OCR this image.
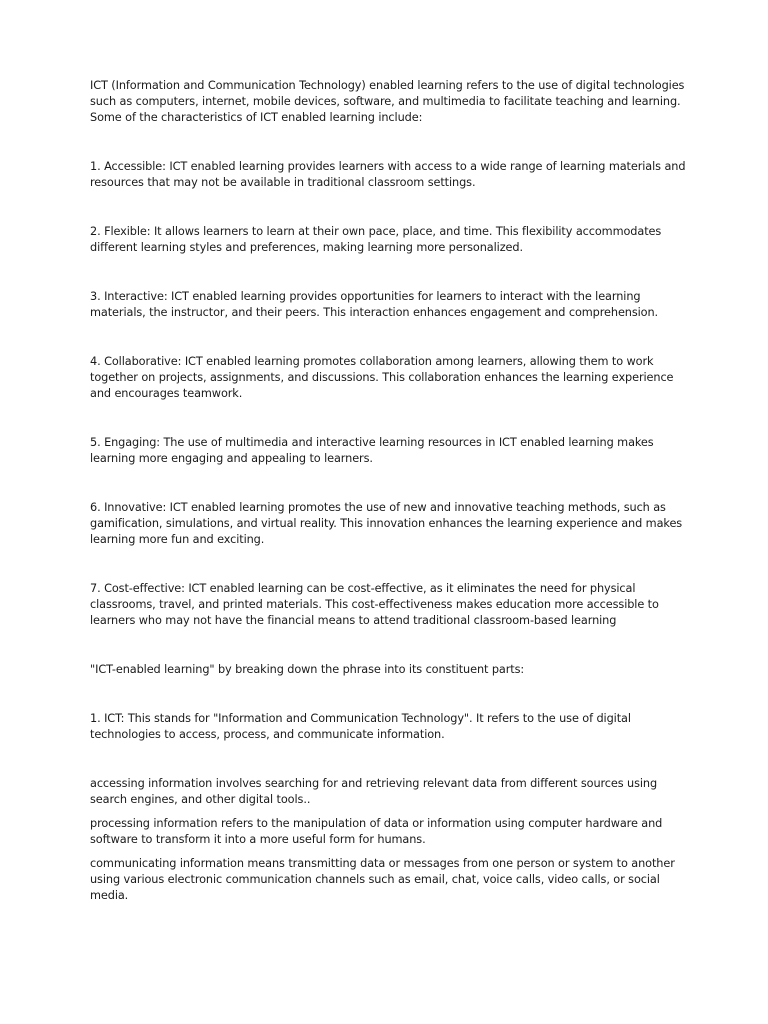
ICT (Information and Communication Technology) enabled learning refers to the use of digital technologies such as computers, internet, mobile devices, software, and multimedia to facilitate teaching and learning. Some of the characteristics of ICT enabled learning include:

1. Accessible: ICT enabled learning provides learners with access to a wide range of learning materials and resources that may not be available in traditional classroom settings.

2. Flexible: It allows learners to learn at their own pace, place, and time. This flexibility accommodates different learning styles and preferences, making learning more personalized.

3. Interactive: ICT enabled learning provides opportunities for learners to interact with the learning materials, the instructor, and their peers. This interaction enhances engagement and comprehension.

4. Collaborative: ICT enabled learning promotes collaboration among learners, allowing them to work together on projects, assignments, and discussions. This collaboration enhances the learning experience and encourages teamwork.

5. Engaging: The use of multimedia and interactive learning resources in ICT enabled learning makes learning more engaging and appealing to learners.

6. Innovative: ICT enabled learning promotes the use of new and innovative teaching methods, such as gamification, simulations, and virtual reality. This innovation enhances the learning experience and makes learning more fun and exciting.

7. Cost-effective: ICT enabled learning can be cost-effective, as it eliminates the need for physical classrooms, travel, and printed materials. This cost-effectiveness makes education more accessible to learners who may not have the financial means to attend traditional classroom-based learning

"ICT-enabled learning" by breaking down the phrase into its constituent parts:

1. ICT: This stands for "Information and Communication Technology". It refers to the use of digital technologies to access, process, and communicate information.

accessing information involves searching for and retrieving relevant data from different sources using search engines, and other digital tools..

processing information refers to the manipulation of data or information using computer hardware and software to transform it into a more useful form for humans.

communicating information means transmitting data or messages from one person or system to another using various electronic communication channels such as email, chat, voice calls, video calls, or social media.
